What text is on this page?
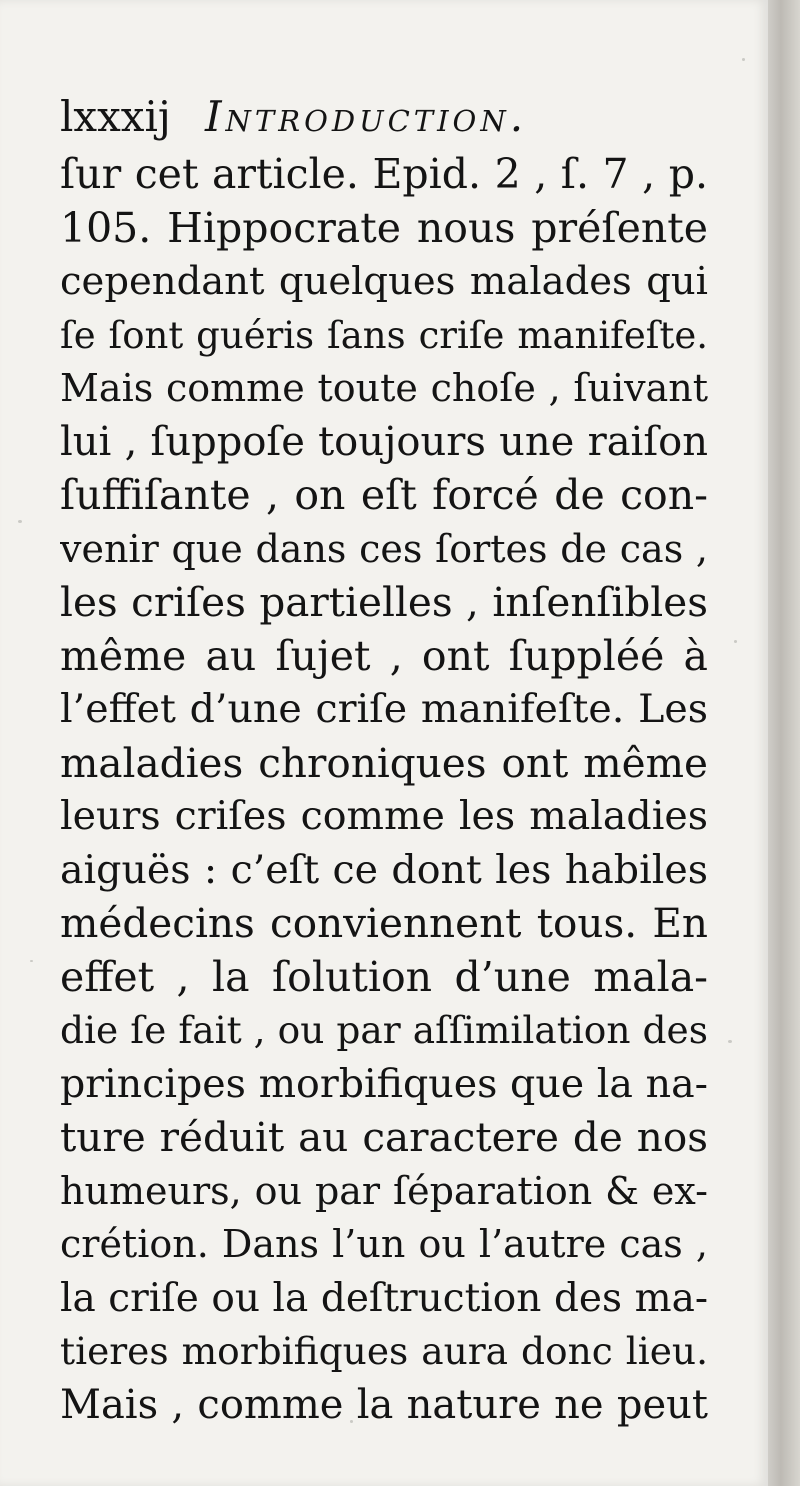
lxxxij Introduction.
ſur cet article. Epid. 2 , ſ. 7 , p.
105. Hippocrate nous préſente
cependant quelques malades qui
ſe ſont guéris ſans criſe manifeſte.
Mais comme toute choſe , ſuivant
lui , ſuppoſe toujours une raiſon
ſuffiſante , on eſt forcé de con-
venir que dans ces ſortes de cas ,
les criſes partielles , inſenſibles
même au ſujet , ont ſuppléé à
l’effet d’une criſe manifeſte. Les
maladies chroniques ont même
leurs criſes comme les maladies
aiguës : c’eſt ce dont les habiles
médecins conviennent tous. En
effet , la ſolution d’une mala-
die ſe fait , ou par aſſimilation des
principes morbifiques que la na-
ture réduit au caractere de nos
humeurs, ou par ſéparation & ex-
crétion. Dans l’un ou l’autre cas ,
la criſe ou la deſtruction des ma-
tieres morbifiques aura donc lieu.
Mais , comme la nature ne peut
